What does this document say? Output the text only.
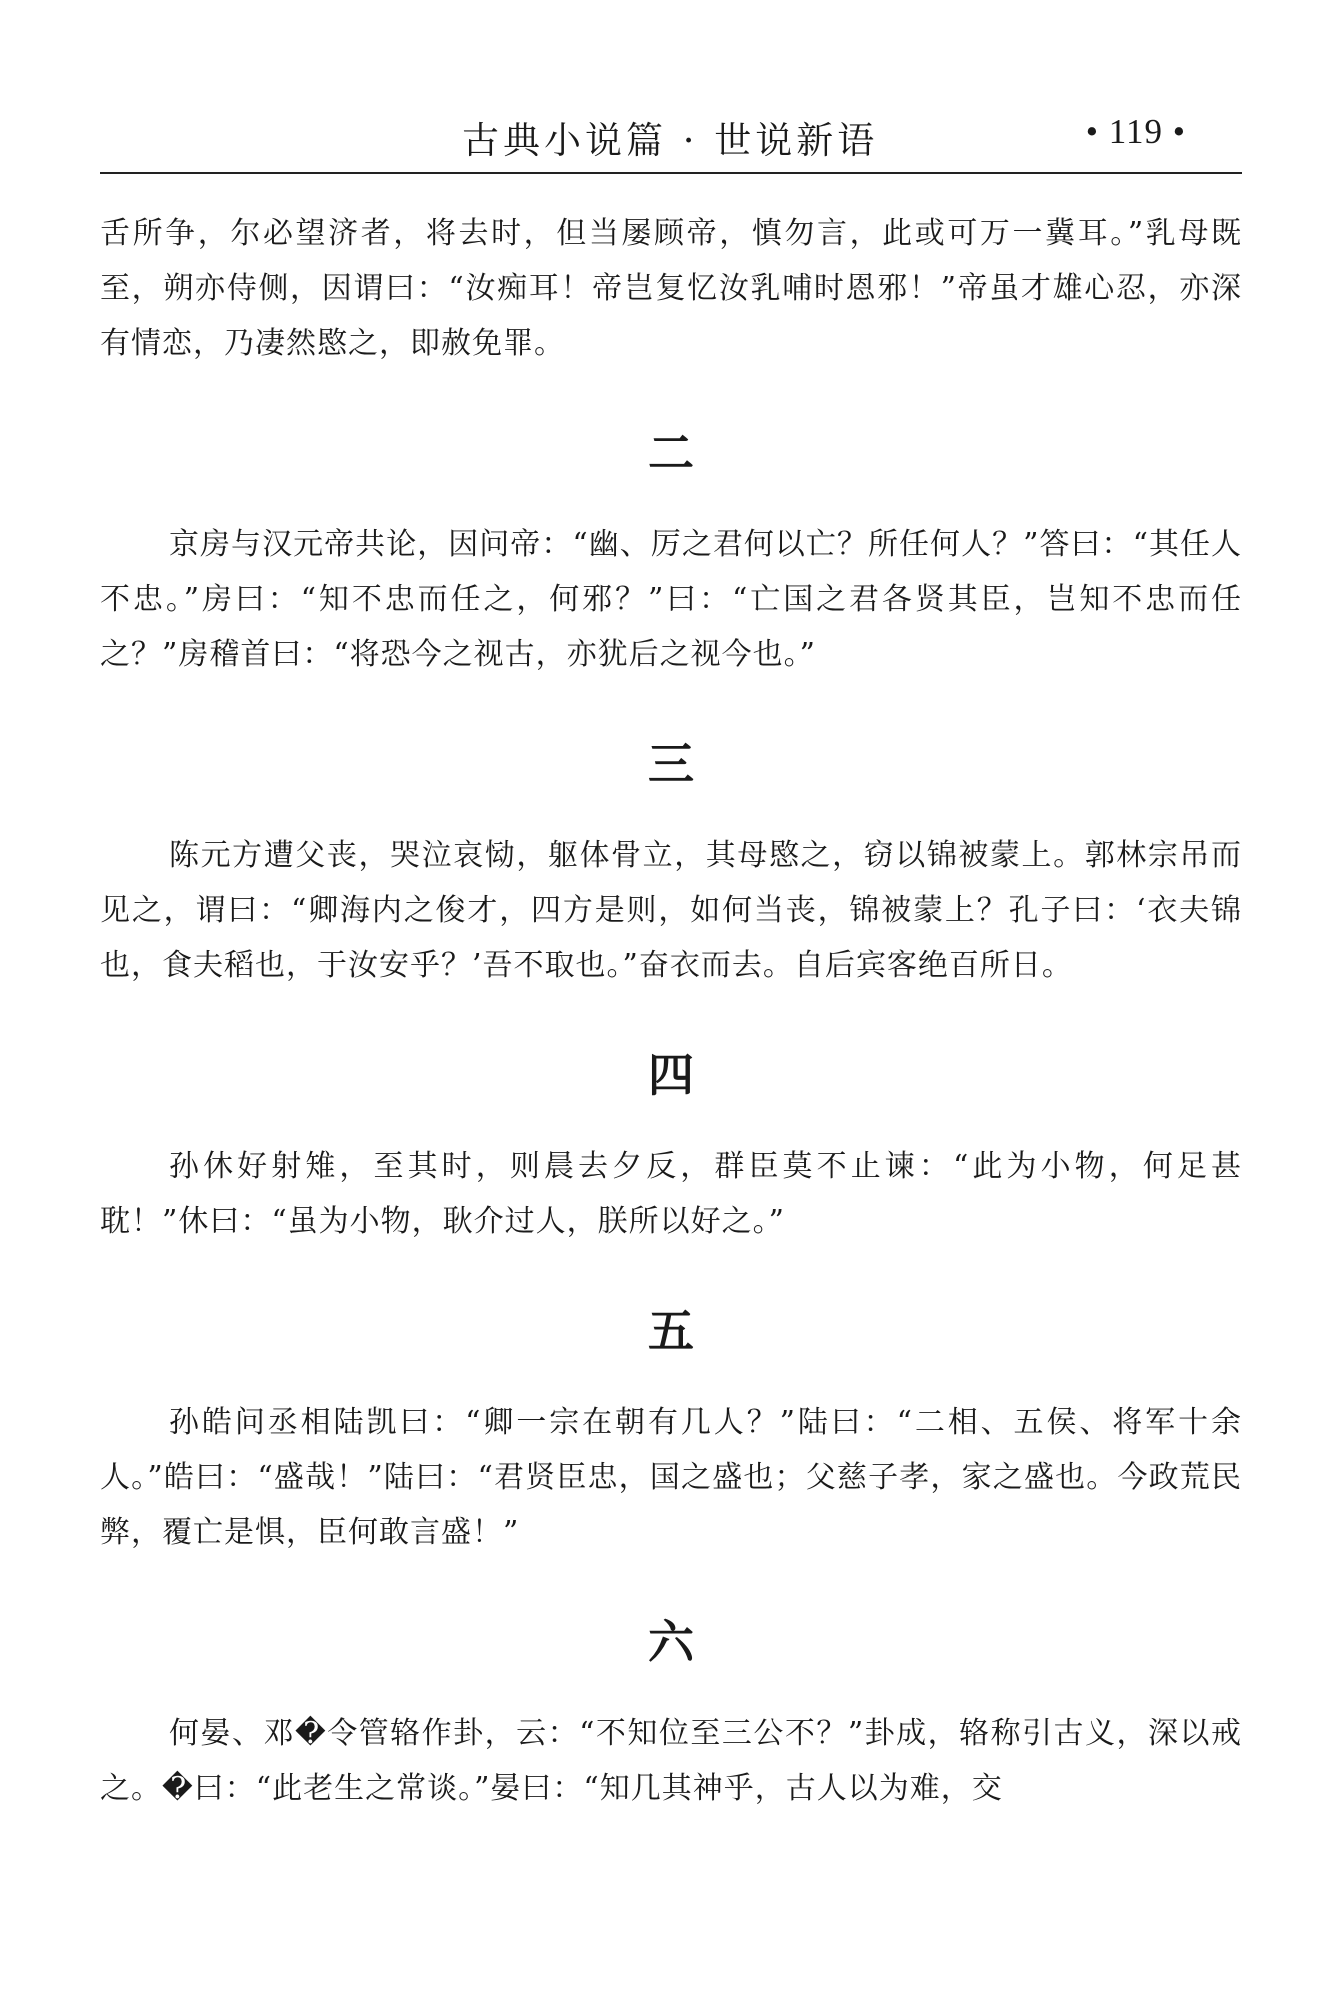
古典小说篇 · 世说新语	• 119 •

舌所争，尔必望济者，将去时，但当屡顾帝，慎勿言，此或可万一冀耳。”乳母既至，朔亦侍侧，因谓曰：“汝痴耳！帝岂复忆汝乳哺时恩邪！”帝虽才雄心忍，亦深有情恋，乃凄然愍之，即赦免罪。

二

京房与汉元帝共论，因问帝：“幽、厉之君何以亡？所任何人？”答曰：“其任人不忠。”房曰：“知不忠而任之，何邪？”曰：“亡国之君各贤其臣，岂知不忠而任之？”房稽首曰：“将恐今之视古，亦犹后之视今也。”

三

陈元方遭父丧，哭泣哀恸，躯体骨立，其母愍之，窃以锦被蒙上。郭林宗吊而见之，谓曰：“卿海内之俊才，四方是则，如何当丧，锦被蒙上？孔子曰：‘衣夫锦也，食夫稻也，于汝安乎？’吾不取也。”奋衣而去。自后宾客绝百所日。

四

孙休好射雉，至其时，则晨去夕反，群臣莫不止谏：“此为小物，何足甚耽！”休曰：“虽为小物，耿介过人，朕所以好之。”

五

孙皓问丞相陆凯曰：“卿一宗在朝有几人？”陆曰：“二相、五侯、将军十余人。”皓曰：“盛哉！”陆曰：“君贤臣忠，国之盛也；父慈子孝，家之盛也。今政荒民弊，覆亡是惧，臣何敢言盛！”

六

何晏、邓�令管辂作卦，云：“不知位至三公不？”卦成，辂称引古义，深以戒之。�曰：“此老生之常谈。”晏曰：“知几其神乎，古人以为难，交
